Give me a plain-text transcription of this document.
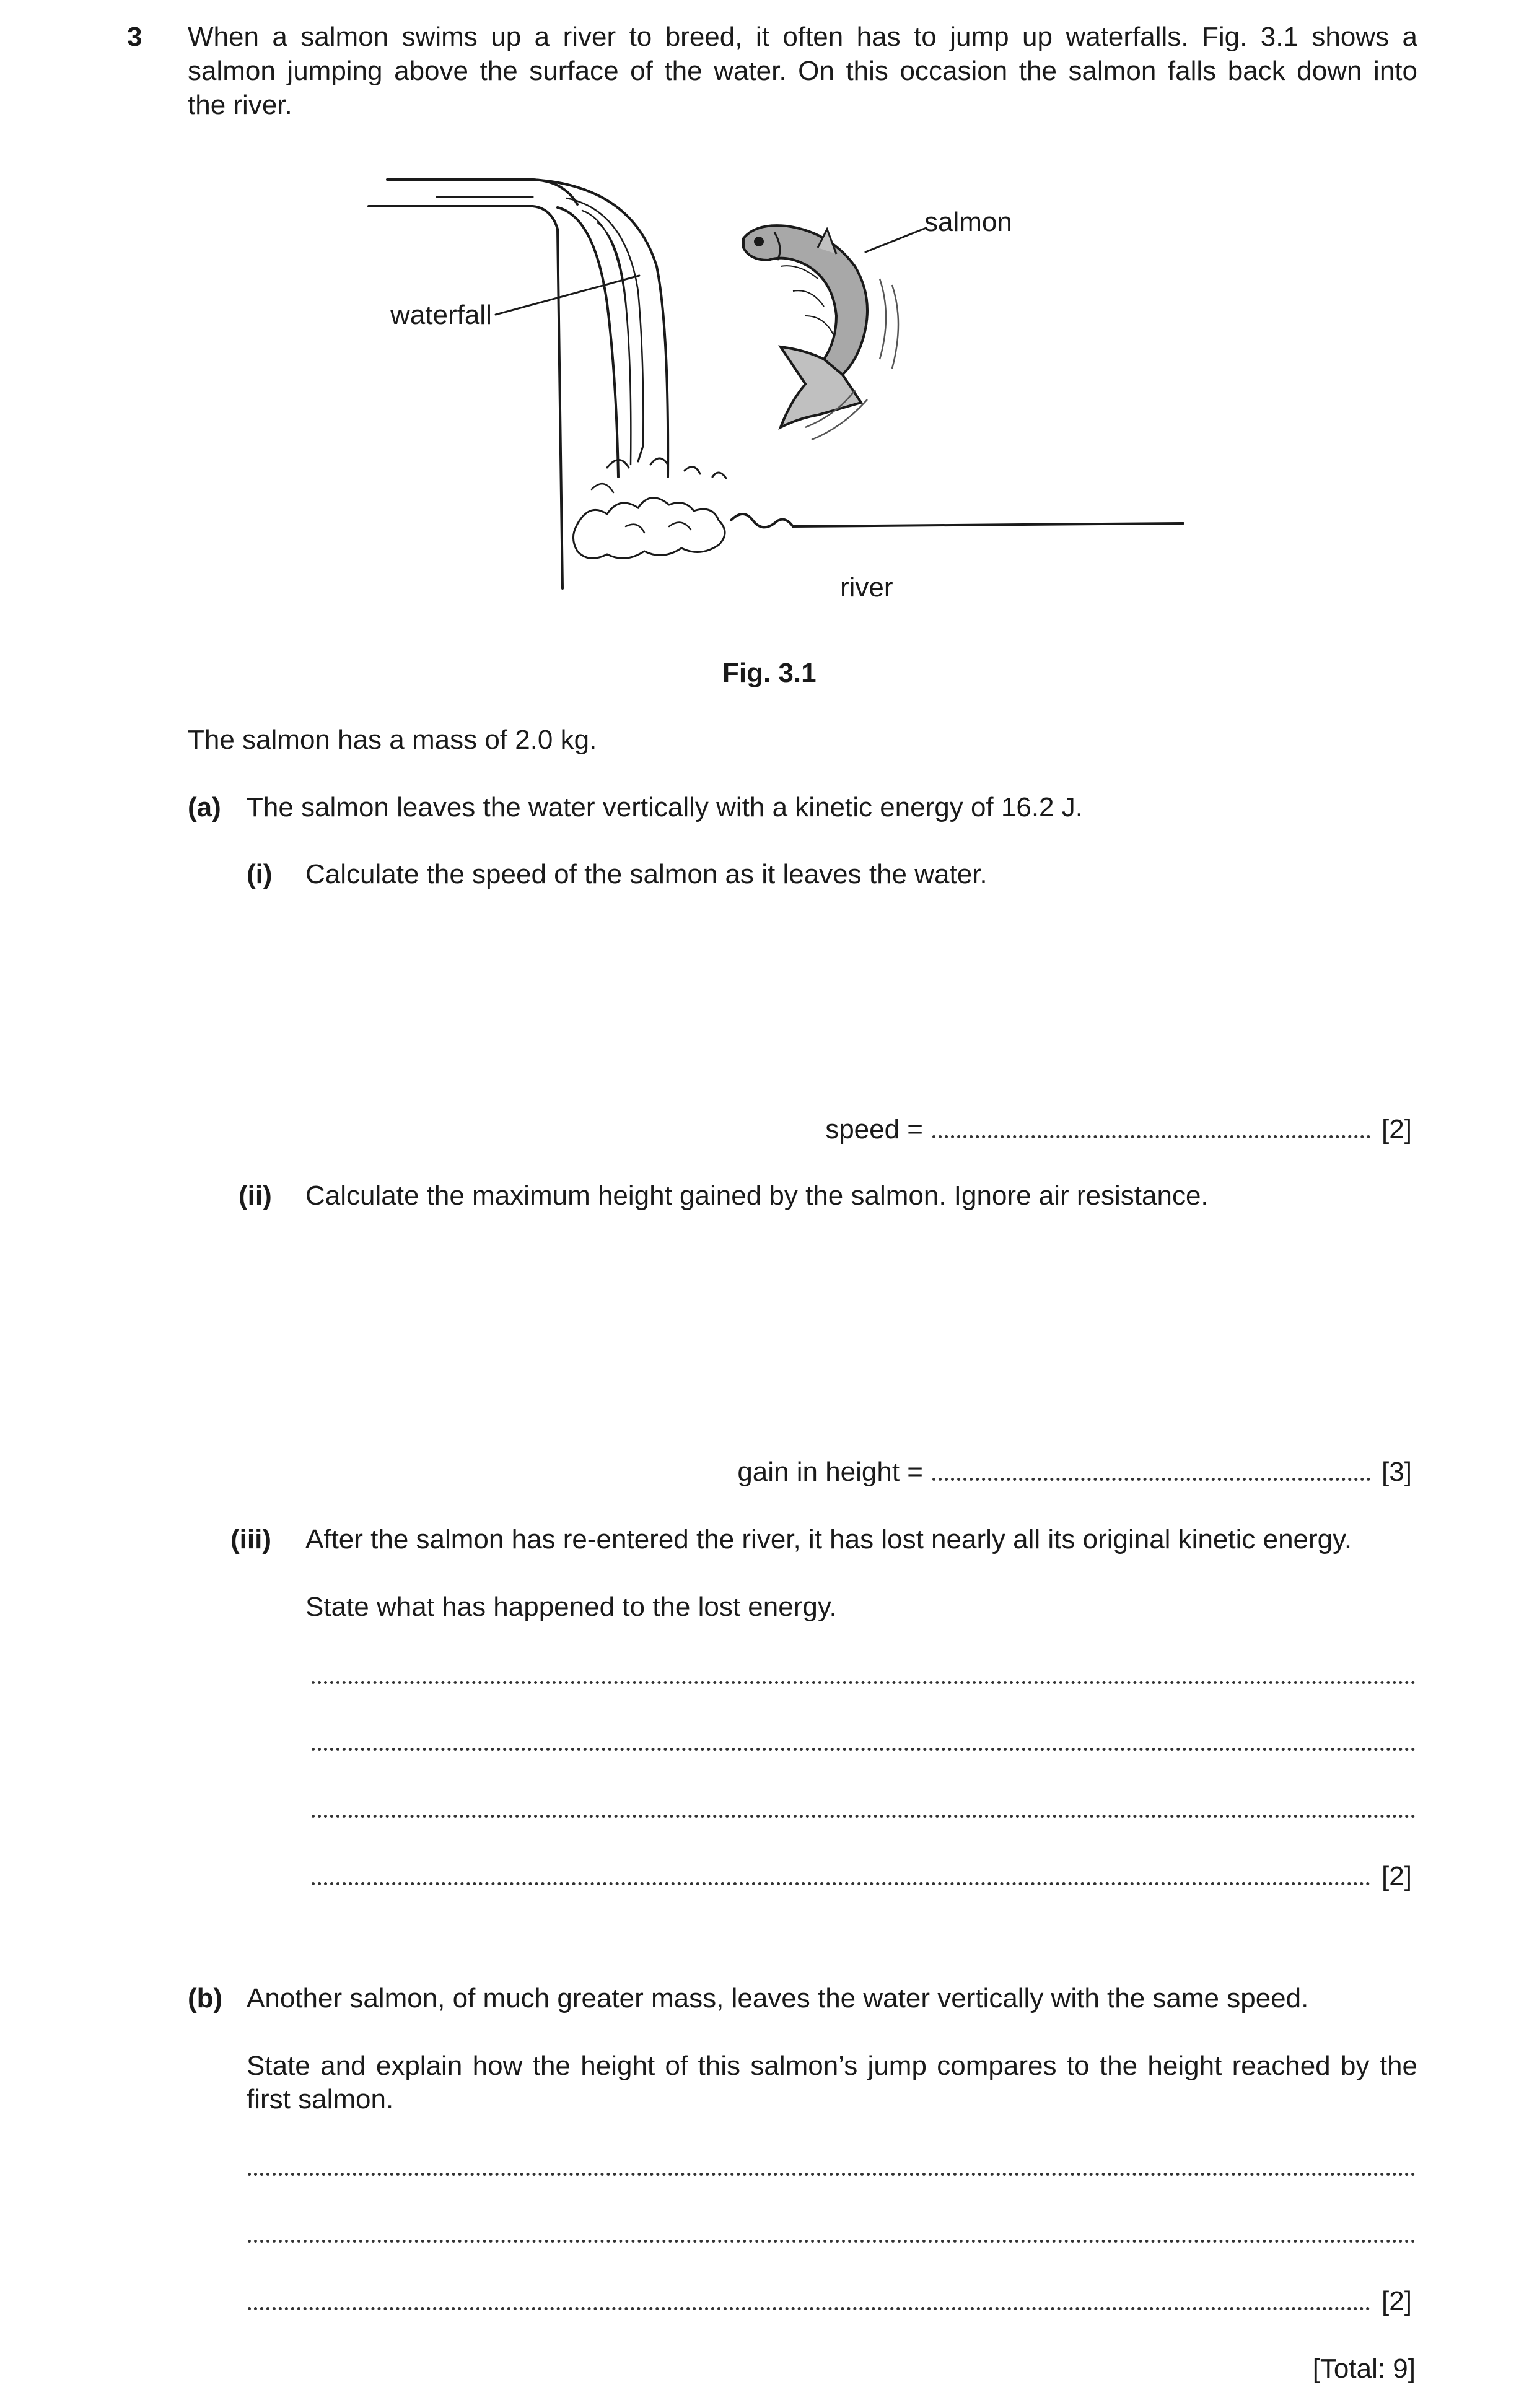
3 When a salmon swims up a river to breed, it often has to jump up waterfalls. Fig. 3.1 shows a
salmon jumping above the surface of the water. On this occasion the salmon falls back down into
the river.
salmon
waterfall
river
Fig. 3.1
The salmon has a mass of 2.0 kg.
(a) The salmon leaves the water vertically with a kinetic energy of 16.2 J.
(i) Calculate the speed of the salmon as it leaves the water.
speed =	[2]
(ii) Calculate the maximum height gained by the salmon. Ignore air resistance.
gain in height =	[3]
(iii) After the salmon has re-entered the river, it has lost nearly all its original kinetic energy.
State what has happened to the lost energy.
[2]
(b) Another salmon, of much greater mass, leaves the water vertically with the same speed.
State and explain how the height of this salmon’s jump compares to the height reached by the
first salmon.
[2]
[Total: 9]
